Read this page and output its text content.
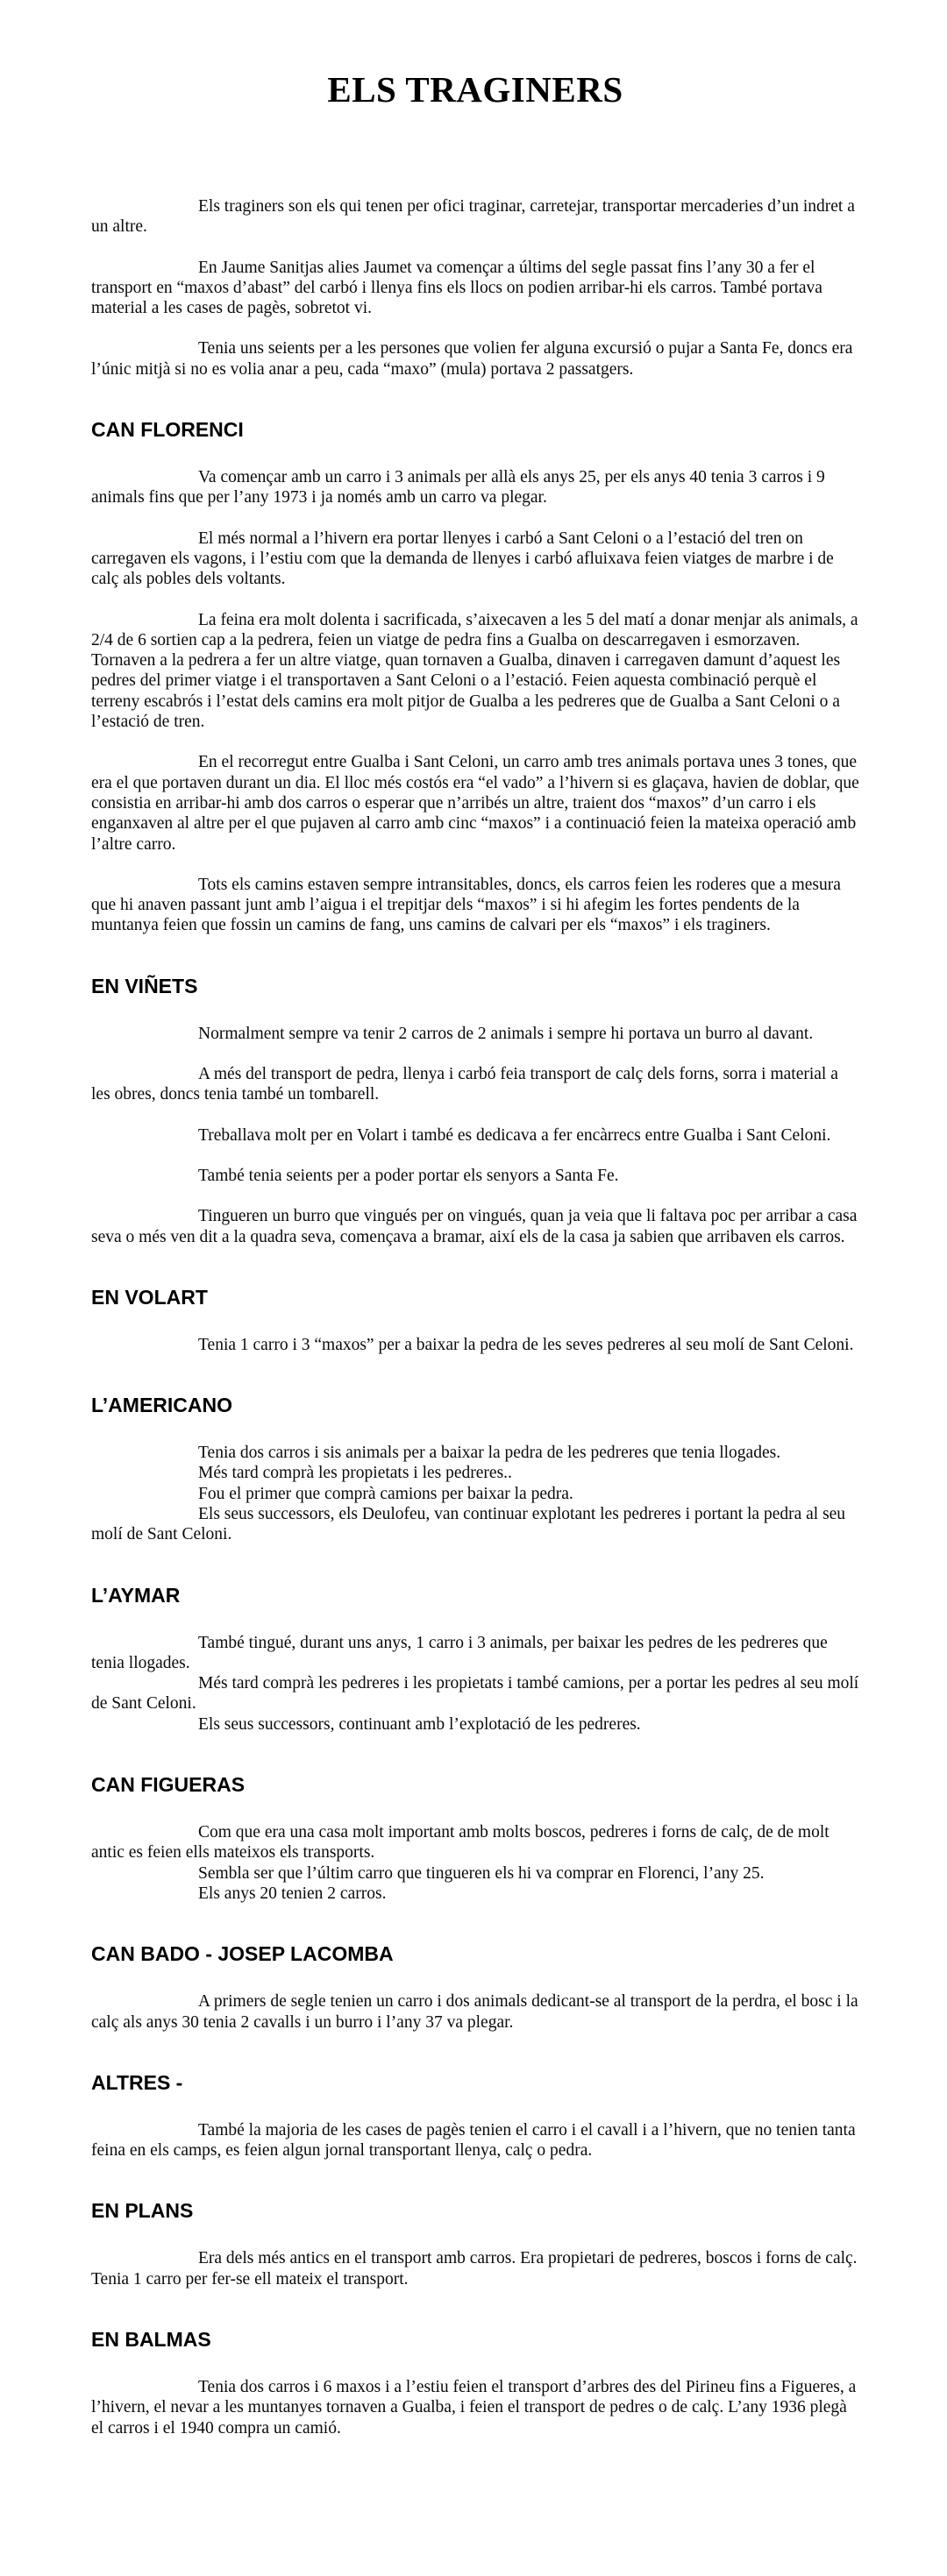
ELS TRAGINERS

Els traginers son els qui tenen per ofici traginar, carretejar, transportar mercaderies d’un indret a un altre.

En Jaume Sanitjas alies Jaumet va començar a últims del segle passat fins l’any 30 a fer el transport en “maxos d’abast” del carbó i llenya fins els llocs on podien arribar-hi els carros. També portava material a les cases de pagès, sobretot vi.

Tenia uns seients per a les persones que volien fer alguna excursió o pujar a Santa Fe, doncs era l’únic mitjà si no es volia anar a peu, cada “maxo” (mula) portava 2 passatgers.

CAN FLORENCI

Va començar amb un carro i 3 animals per allà els anys 25, per els anys 40 tenia 3 carros i 9 animals fins que per l’any 1973 i ja només amb un carro va plegar.

El més normal a l’hivern era portar llenyes i carbó a Sant Celoni o a l’estació del tren on carregaven els vagons, i l’estiu com que la demanda de llenyes i carbó afluixava feien viatges de marbre i de calç als pobles dels voltants.

La feina era molt dolenta i sacrificada, s’aixecaven a les 5 del matí a donar menjar als animals, a 2/4 de 6 sortien cap a la pedrera, feien un viatge de pedra fins a Gualba on descarregaven i esmorzaven. Tornaven a la pedrera a fer un altre viatge, quan tornaven a Gualba, dinaven i carregaven damunt d’aquest les pedres del primer viatge i el transportaven a Sant Celoni o a l’estació. Feien aquesta combinació perquè el terreny escabrós i l’estat dels camins era molt pitjor de Gualba a les pedreres que de Gualba a Sant Celoni o a l’estació de tren.

En el recorregut entre Gualba i Sant Celoni, un carro amb tres animals portava unes 3 tones, que era el que portaven durant un dia. El lloc més costós era “el vado” a l’hivern si es glaçava, havien de doblar, que consistia en arribar-hi amb dos carros o esperar que n’arribés un altre, traient dos “maxos” d’un carro i els enganxaven al altre per el que pujaven al carro amb cinc “maxos” i a continuació feien la mateixa operació amb l’altre carro.

Tots els camins estaven sempre intransitables, doncs, els carros feien les roderes que a mesura que hi anaven passant junt amb l’aigua i el trepitjar dels “maxos” i si hi afegim les fortes pendents de la muntanya feien que fossin un camins de fang, uns camins de calvari per els “maxos” i els traginers.

EN VIÑETS

Normalment sempre va tenir 2 carros de 2 animals i sempre hi portava un burro al davant.

A més del transport de pedra, llenya i carbó feia transport de calç dels forns, sorra i material a les obres, doncs tenia també un tombarell.

Treballava molt per en Volart i també es dedicava a fer encàrrecs entre Gualba i Sant Celoni.

També tenia seients per a poder portar els senyors a Santa Fe.

Tingueren un burro que vingués per on vingués, quan ja veia que li faltava poc per arribar a casa seva o més ven dit a la quadra seva, començava a bramar, així els de la casa ja sabien que arribaven els carros.

EN VOLART

Tenia 1 carro i 3 “maxos” per a baixar la pedra de les seves pedreres al seu molí de Sant Celoni.

L’AMERICANO

Tenia dos carros i sis animals per a baixar la pedra de les pedreres que tenia llogades.

Més tard comprà les propietats i les pedreres..

Fou el primer que comprà camions per baixar la pedra.

Els seus successors, els Deulofeu, van continuar explotant les pedreres i portant la pedra al seu molí de Sant Celoni.

L’AYMAR

També tingué, durant uns anys, 1 carro i 3 animals, per baixar les pedres de les pedreres que tenia llogades.

Més tard comprà les pedreres i les propietats i també camions, per a portar les pedres al seu molí de Sant Celoni.

Els seus successors, continuant amb l’explotació de les pedreres.

CAN FIGUERAS

Com que era una casa molt important amb molts boscos, pedreres i forns de calç, de de molt antic es feien ells mateixos els transports.

Sembla ser que l’últim carro que tingueren els hi va comprar en Florenci, l’any 25.

Els anys 20 tenien 2 carros.

CAN BADO - JOSEP LACOMBA

A primers de segle tenien un carro i dos animals dedicant-se al transport de la perdra, el bosc i la calç als anys 30 tenia 2 cavalls i un burro i l’any 37 va plegar.

ALTRES -

També la majoria de les cases de pagès tenien el carro i el cavall i a l’hivern, que no tenien tanta feina en els camps, es feien algun jornal transportant llenya, calç o pedra.

EN PLANS

Era dels més antics en el transport amb carros. Era propietari de pedreres, boscos i forns de calç. Tenia 1 carro per fer-se ell mateix el transport.

EN BALMAS

Tenia dos carros i 6 maxos i a l’estiu feien el transport d’arbres des del Pirineu fins a Figueres, a l’hivern, el nevar a les muntanyes tornaven a Gualba, i feien el transport de pedres o de calç. L’any 1936 plegà el carros i el 1940 compra un camió.
